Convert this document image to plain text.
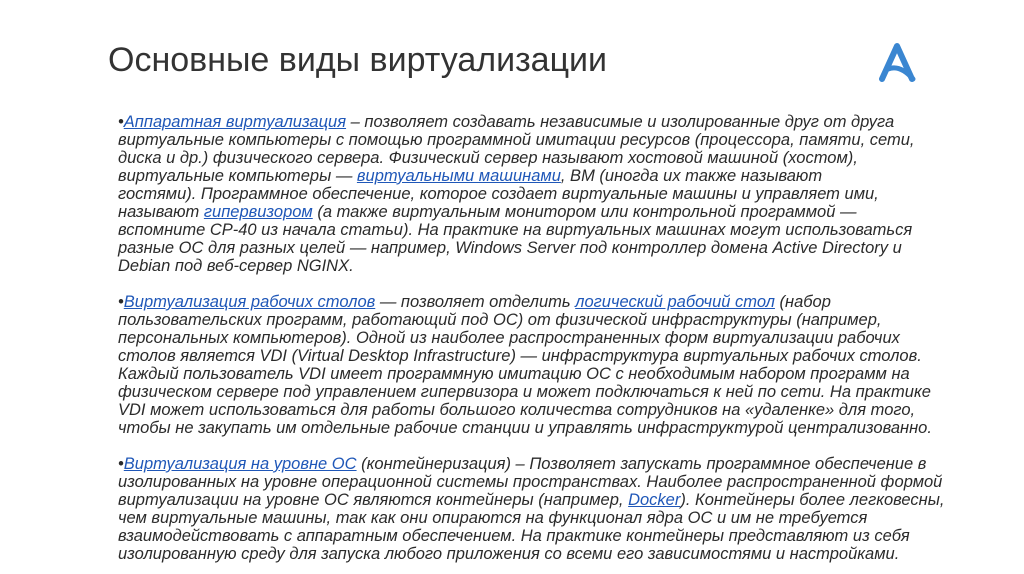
Основные виды виртуализации
•Аппаратная виртуализация – позволяет создавать независимые и изолированные друг от друга
виртуальные компьютеры с помощью программной имитации ресурсов (процессора, памяти, сети,
диска и др.) физического сервера. Физический сервер называют хостовой машиной (хостом),
виртуальные компьютеры — виртуальными машинами, ВМ (иногда их также называют
гостями). Программное обеспечение, которое создает виртуальные машины и управляет ими,
называют гипервизором (а также виртуальным монитором или контрольной программой —
вспомните СР-40 из начала статьи). На практике на виртуальных машинах могут использоваться
разные ОС для разных целей — например, Windows Server под контроллер домена Active Directory и
Debian под веб-сервер NGINX.
•Виртуализация рабочих столов — позволяет отделить логический рабочий стол (набор
пользовательских программ, работающий под ОС) от физической инфраструктуры (например,
персональных компьютеров). Одной из наиболее распространенных форм виртуализации рабочих
столов является VDI (Virtual Desktop Infrastructure) — инфраструктура виртуальных рабочих столов.
Каждый пользователь VDI имеет программную имитацию ОС с необходимым набором программ на
физическом сервере под управлением гипервизора и может подключаться к ней по сети. На практике
VDI может использоваться для работы большого количества сотрудников на «удаленке» для того,
чтобы не закупать им отдельные рабочие станции и управлять инфраструктурой централизованно.
•Виртуализация на уровне ОС (контейнеризация) – Позволяет запускать программное обеспечение в
изолированных на уровне операционной системы пространствах. Наиболее распространенной формой
виртуализации на уровне ОС являются контейнеры (например, Docker). Контейнеры более легковесны,
чем виртуальные машины, так как они опираются на функционал ядра ОС и им не требуется
взаимодействовать с аппаратным обеспечением. На практике контейнеры представляют из себя
изолированную среду для запуска любого приложения со всеми его зависимостями и настройками.
